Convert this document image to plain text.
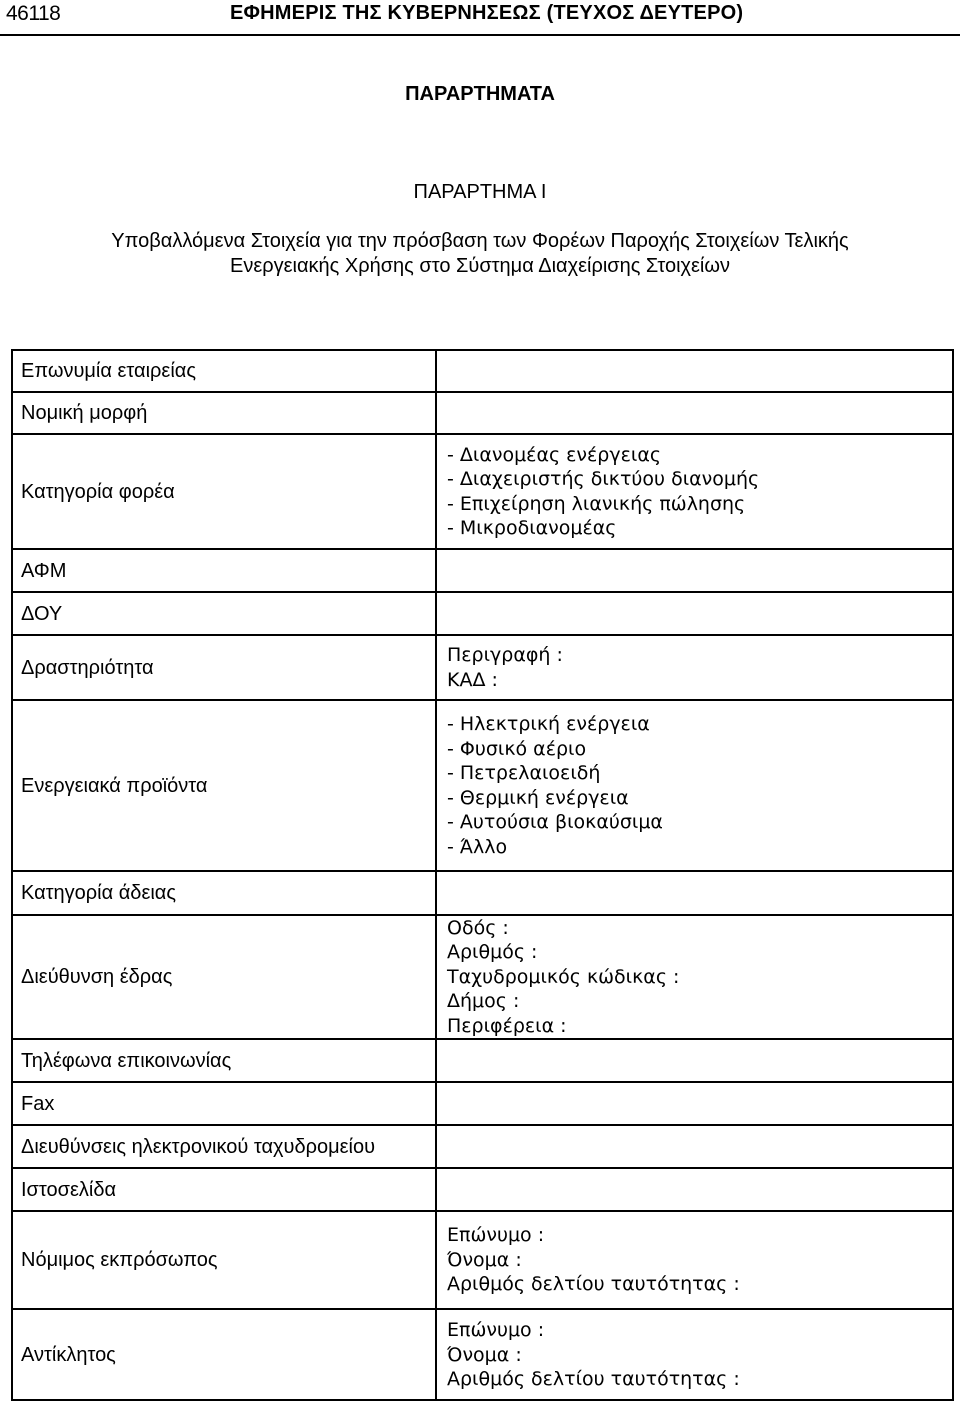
46118	ΕΦΗΜΕΡΙΣ ΤΗΣ ΚΥΒΕΡΝΗΣΕΩΣ (ΤΕΥΧΟΣ ΔΕΥΤΕΡΟ)
ΠΑΡΑΡΤΗΜΑΤΑ
ΠΑΡΑΡΤΗΜΑ Ι
Υποβαλλόμενα Στοιχεία για την πρόσβαση των Φορέων Παροχής Στοιχείων Τελικής
Ενεργειακής Χρήσης στο Σύστημα Διαχείρισης Στοιχείων
Επωνυμία εταιρείας
Νομική μορφή
Κατηγορία φορέα
- Διανομέας ενέργειας
- Διαχειριστής δικτύου διανομής
- Επιχείρηση λιανικής πώλησης
- Μικροδιανομέας
ΑΦΜ
ΔΟΥ
Δραστηριότητα
Περιγραφή :
ΚΑΔ :
Ενεργειακά προϊόντα
- Ηλεκτρική ενέργεια
- Φυσικό αέριο
- Πετρελαιοειδή
- Θερμική ενέργεια
- Αυτούσια βιοκαύσιμα
- Άλλο
Κατηγορία άδειας
Διεύθυνση έδρας
Οδός :
Αριθμός :
Ταχυδρομικός κώδικας :
Δήμος :
Περιφέρεια :
Τηλέφωνα επικοινωνίας
Fax
Διευθύνσεις ηλεκτρονικού ταχυδρομείου
Ιστοσελίδα
Νόμιμος εκπρόσωπος
Επώνυμο :
Όνομα :
Αριθμός δελτίου ταυτότητας :
Αντίκλητος
Επώνυμο :
Όνομα :
Αριθμός δελτίου ταυτότητας :
